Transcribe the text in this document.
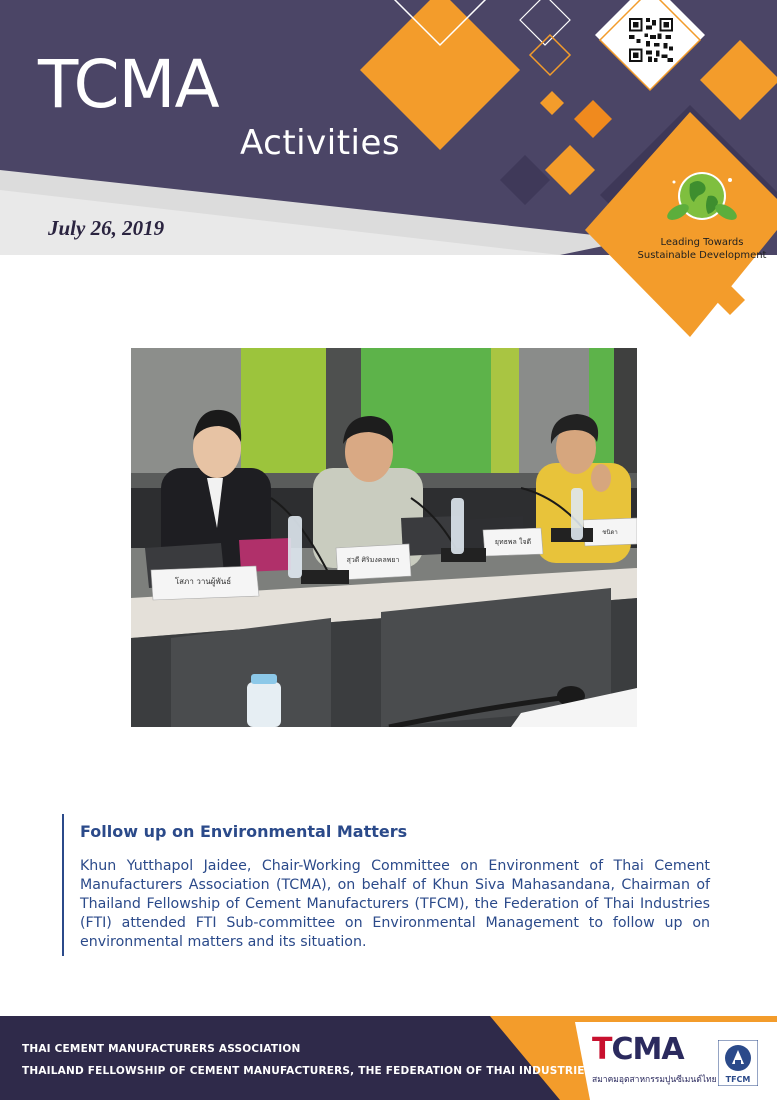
TCMA
Activities
July 26, 2019
Leading Towards
Sustainable Development
โสภา วานผู้พันธ์
สุวดี ศิริมงคลพยา
ยุทธพล ใจดี
ชนิดา
Follow up on Environmental Matters
Khun Yutthapol Jaidee, Chair-Working Committee on Environment of Thai Cement Manufacturers Association (TCMA), on behalf of Khun Siva Mahasandana, Chairman of Thailand Fellowship of Cement Manufacturers (TFCM), the Federation of Thai Industries (FTI) attended FTI Sub-committee on Environmental Management to follow up on environmental matters and its situation.
THAI CEMENT MANUFACTURERS ASSOCIATION
THAILAND FELLOWSHIP OF CEMENT MANUFACTURERS, THE FEDERATION OF THAI INDUSTRIES
TCMA
สมาคมอุตสาหกรรมปูนซีเมนต์ไทย TFCM
